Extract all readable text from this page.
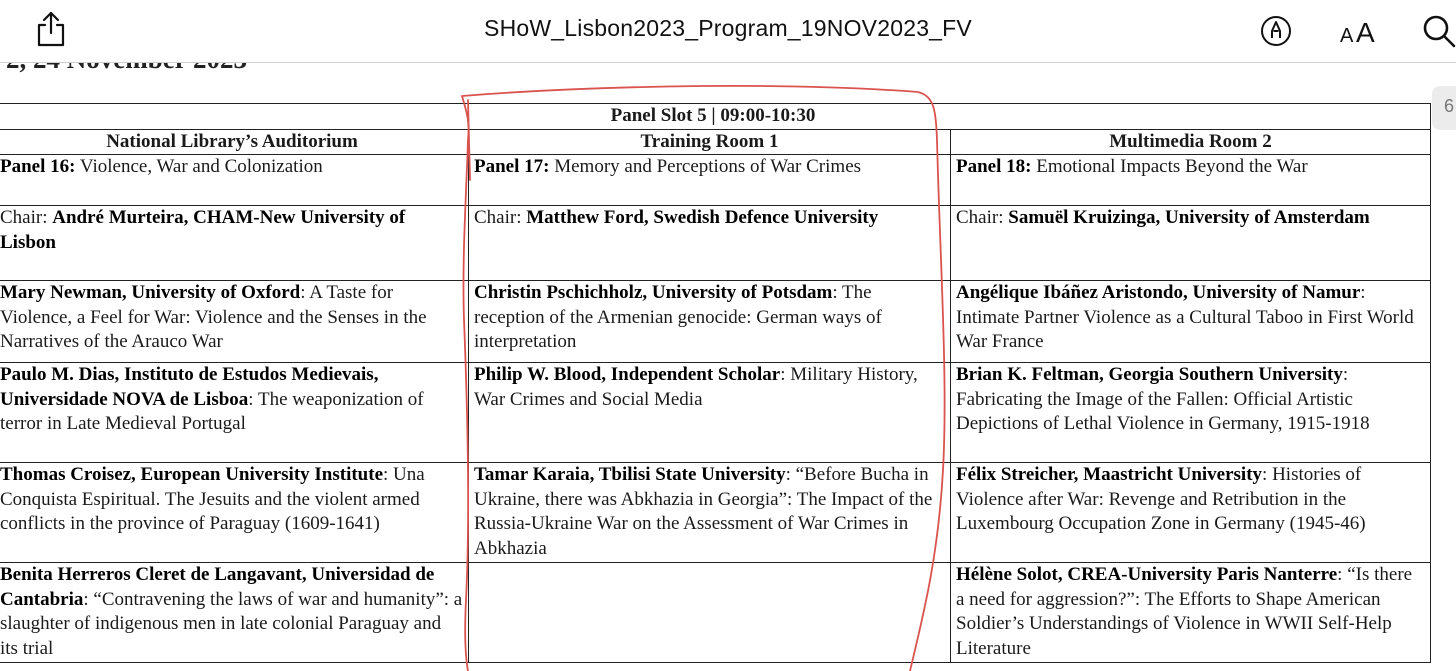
SHoW_Lisbon2023_Program_19NOV2023_FV	A A
6
Panel Slot 5 | 09:00-10:30		
National Library’s Auditorium	Training Room 1	Multimedia Room 2
Panel 16: Violence, War and Colonization	Panel 17: Memory and Perceptions of War Crimes	Panel 18: Emotional Impacts Beyond the War
Chair: André Murteira, CHAM-New University of Lisbon	Chair: Matthew Ford, Swedish Defence University	Chair: Samuël Kruizinga, University of Amsterdam
Mary Newman, University of Oxford: A Taste for Violence, a Feel for War: Violence and the Senses in the Narratives of the Arauco War	Christin Pschichholz, University of Potsdam: The reception of the Armenian genocide: German ways of interpretation	Angélique Ibáñez Aristondo, University of Namur: Intimate Partner Violence as a Cultural Taboo in First World War France
Paulo M. Dias, Instituto de Estudos Medievais, Universidade NOVA de Lisboa: The weaponization of terror in Late Medieval Portugal	Philip W. Blood, Independent Scholar: Military History, War Crimes and Social Media	Brian K. Feltman, Georgia Southern University: Fabricating the Image of the Fallen: Official Artistic Depictions of Lethal Violence in Germany, 1915-1918
Thomas Croisez, European University Institute: Una Conquista Espiritual. The Jesuits and the violent armed conflicts in the province of Paraguay (1609-1641)	Tamar Karaia, Tbilisi State University: “Before Bucha in Ukraine, there was Abkhazia in Georgia”: The Impact of the Russia-Ukraine War on the Assessment of War Crimes in Abkhazia	Félix Streicher, Maastricht University: Histories of Violence after War: Revenge and Retribution in the Luxembourg Occupation Zone in Germany (1945-46)
Benita Herreros Cleret de Langavant, Universidad de Cantabria: “Contravening the laws of war and humanity”: a slaughter of indigenous men in late colonial Paraguay and its trial		Hélène Solot, CREA-University Paris Nanterre: “Is there a need for aggression?”: The Efforts to Shape American Soldier’s Understandings of Violence in WWII Self-Help Literature
